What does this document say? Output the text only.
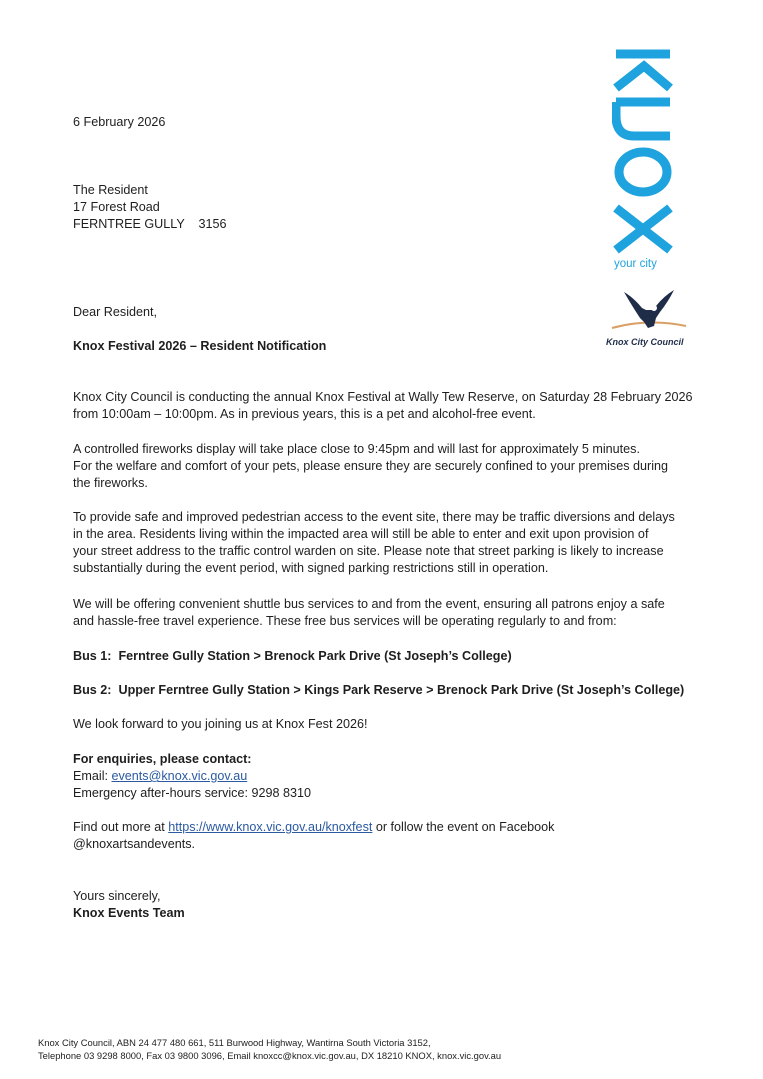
your city
Knox City Council
6 February 2026
The Resident
17 Forest Road
FERNTREE GULLY    3156
Dear Resident,
Knox Festival 2026 – Resident Notification
Knox City Council is conducting the annual Knox Festival at Wally Tew Reserve, on Saturday 28 February 2026
from 10:00am – 10:00pm. As in previous years, this is a pet and alcohol-free event.
A controlled fireworks display will take place close to 9:45pm and will last for approximately 5 minutes.
For the welfare and comfort of your pets, please ensure they are securely confined to your premises during
the fireworks.
To provide safe and improved pedestrian access to the event site, there may be traffic diversions and delays
in the area. Residents living within the impacted area will still be able to enter and exit upon provision of
your street address to the traffic control warden on site. Please note that street parking is likely to increase
substantially during the event period, with signed parking restrictions still in operation.
We will be offering convenient shuttle bus services to and from the event, ensuring all patrons enjoy a safe
and hassle-free travel experience. These free bus services will be operating regularly to and from:
Bus 1:  Ferntree Gully Station > Brenock Park Drive (St Joseph’s College)
Bus 2:  Upper Ferntree Gully Station > Kings Park Reserve > Brenock Park Drive (St Joseph’s College)
We look forward to you joining us at Knox Fest 2026!
For enquiries, please contact:
Email: events@knox.vic.gov.au
Emergency after-hours service: 9298 8310
Find out more at https://www.knox.vic.gov.au/knoxfest or follow the event on Facebook
@knoxartsandevents.
Yours sincerely,
Knox Events Team
Knox City Council, ABN 24 477 480 661, 511 Burwood Highway, Wantirna South Victoria 3152,
Telephone 03 9298 8000, Fax 03 9800 3096, Email knoxcc@knox.vic.gov.au, DX 18210 KNOX, knox.vic.gov.au
